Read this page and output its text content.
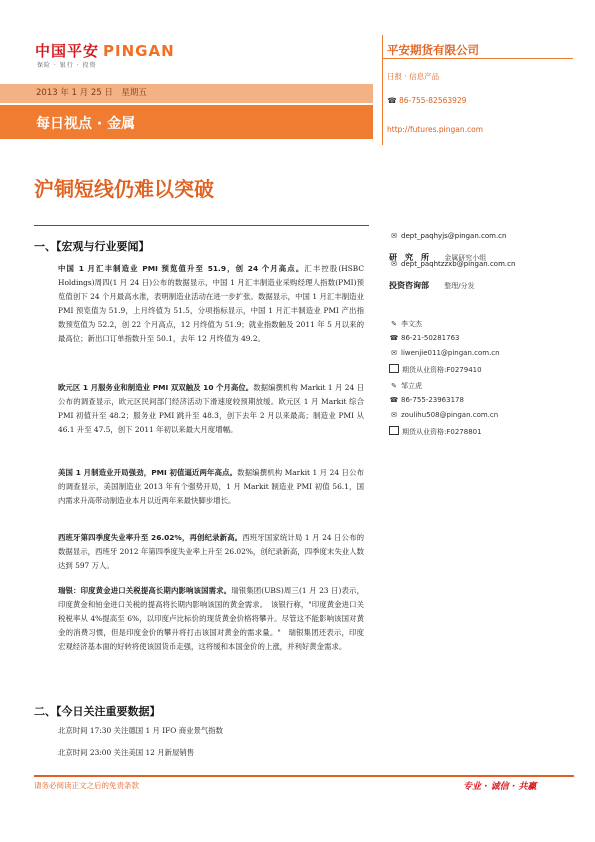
中国平安 PINGAN
保险 · 银行 · 投资
2013 年 1 月 25 日　 星期五
每日视点 · 金属
平安期货有限公司
日报 · 信息产品
☎ 86-755-82563929
http://futures.pingan.com
沪铜短线仍难以突破
一、【宏观与行业要闻】
中国 1 月汇丰制造业 PMI 预览值升至 51.9，创 24 个月高点。汇丰控股(HSBC Holdings)周四(1 月 24 日)公布的数据显示，中国 1 月汇丰制造业采购经理人指数(PMI)预览值创下 24 个月最高水准，表明制造业活动在进一步扩张。数据显示，中国 1 月汇丰制造业 PMI 预览值为 51.9，上月终值为 51.5，分项指标显示，中国 1 月汇丰制造业 PMI 产出指数预览值为 52.2，创 22 个月高点，12 月终值为 51.9；就业指数触及 2011 年 5 月以来的最高位；新出口订单指数升至 50.1，去年 12 月终值为 49.2。
欧元区 1 月服务业和制造业 PMI 双双触及 10 个月高位。数据编撰机构 Markit 1 月 24 日公布的调查显示，欧元区民间部门经济活动下滑速度较预期放缓。欧元区 1 月 Markit 综合 PMI 初值升至 48.2；服务业 PMI 跳升至 48.3，创下去年 2 月以来最高；制造业 PMI 从 46.1 升至 47.5，创下 2011 年初以来最大月度增幅。
美国 1 月制造业开局强劲，PMI 初值逼近两年高点。数据编撰机构 Markit 1 月 24 日公布的调查显示，美国制造业 2013 年有个强势开局，1 月 Markit 制造业 PMI 初值 56.1，国内需求升高带动制造业本月以近两年来最快脚步增长。
西班牙第四季度失业率升至 26.02%，再创纪录新高。西班牙国家统计局 1 月 24 日公布的数据显示，西班牙 2012 年第四季度失业率上升至 26.02%，创纪录新高，四季度末失业人数达到 597 万人。
瑞银：印度黄金进口关税提高长期内影响该国需求。瑞银集团(UBS)周三(1 月 23 日)表示，印度黄金和铂金进口关税的提高将长期内影响该国的黄金需求。　该银行称，"印度黄金进口关税税率从 4%提高至 6%，以印度卢比标价的现货黄金价格将攀升。尽管这不能影响该国对黄金的消费习惯，但是印度金价的攀升将打击该国对黄金的需求量。"　瑞银集团还表示，印度宏观经济基本面的好转将使该国货币走强，这将缓和本国金价的上涨，并利好黄金需求。
二、【今日关注重要数据】
北京时间 17:30 关注德国 1 月 IFO 商业景气指数
北京时间 23:00 关注美国 12 月新屋销售
✉ dept_paqhyjs@pingan.com.cn
研　究　所 金属研究小组
✉ dept_paqhtzzxb@pingan.com.cn
投资咨询部 整理/分发
✎ 李文杰
☎ 86-21-50281763
✉ liwenjie011@pingan.com.cn
期货从业资格:F0279410
✎ 邹立虎
☎ 86-755-23963178
✉ zoulihu508@pingan.com.cn
期货从业资格:F0278801
请务必阅读正文之后的免责条款	专业 · 诚信 · 共赢
